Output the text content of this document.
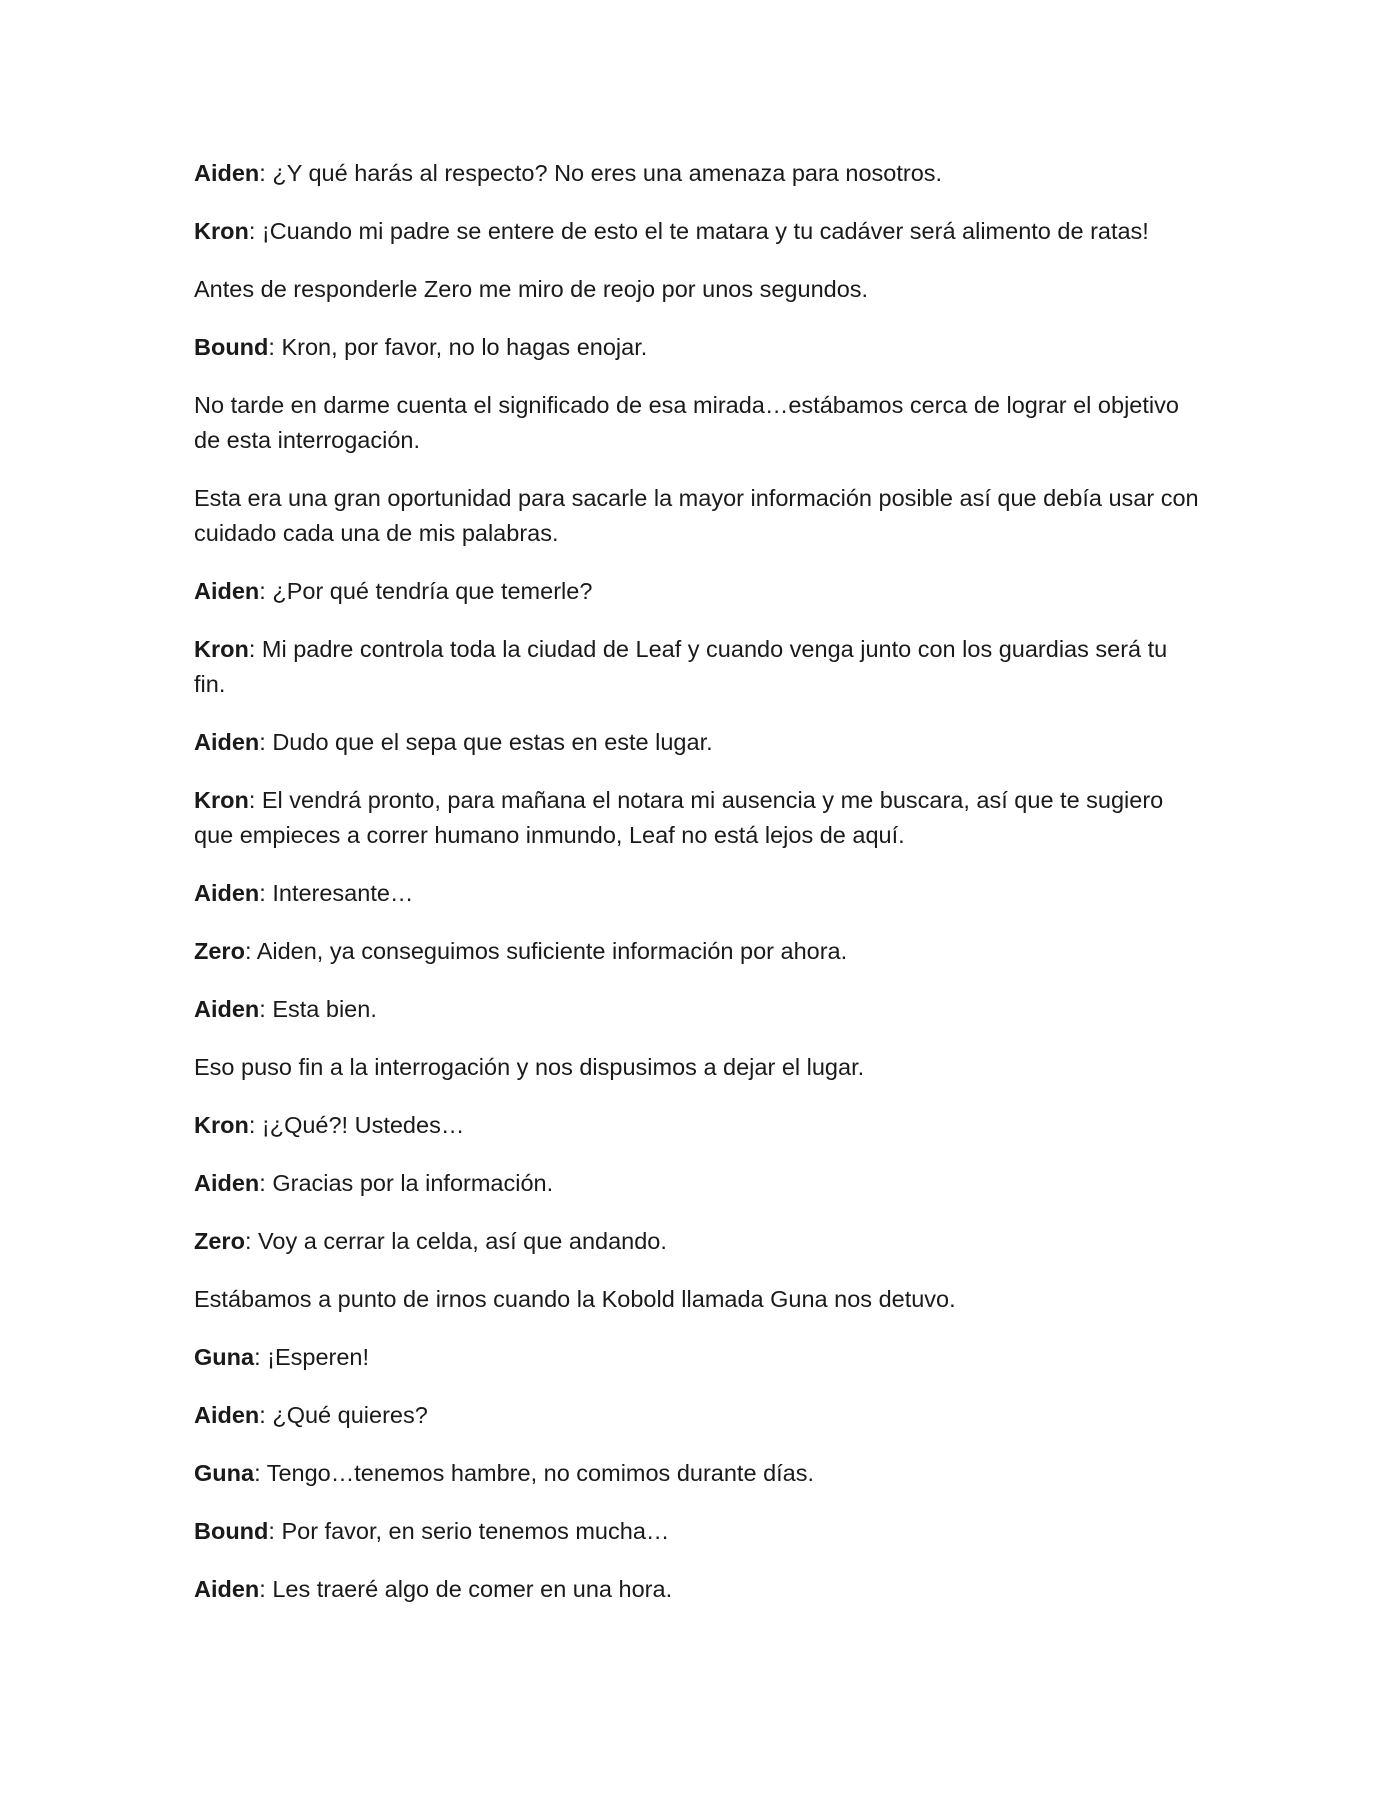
Aiden: ¿Y qué harás al respecto? No eres una amenaza para nosotros.

Kron: ¡Cuando mi padre se entere de esto el te matara y tu cadáver será alimento de ratas!

Antes de responderle Zero me miro de reojo por unos segundos.

Bound: Kron, por favor, no lo hagas enojar.

No tarde en darme cuenta el significado de esa mirada…estábamos cerca de lograr el objetivo de esta interrogación.

Esta era una gran oportunidad para sacarle la mayor información posible así que debía usar con cuidado cada una de mis palabras.

Aiden: ¿Por qué tendría que temerle?

Kron: Mi padre controla toda la ciudad de Leaf y cuando venga junto con los guardias será tu fin.

Aiden: Dudo que el sepa que estas en este lugar.

Kron: El vendrá pronto, para mañana el notara mi ausencia y me buscara, así que te sugiero que empieces a correr humano inmundo, Leaf no está lejos de aquí.

Aiden: Interesante…

Zero: Aiden, ya conseguimos suficiente información por ahora.

Aiden: Esta bien.

Eso puso fin a la interrogación y nos dispusimos a dejar el lugar.

Kron: ¡¿Qué?! Ustedes…

Aiden: Gracias por la información.

Zero: Voy a cerrar la celda, así que andando.

Estábamos a punto de irnos cuando la Kobold llamada Guna nos detuvo.

Guna: ¡Esperen!

Aiden: ¿Qué quieres?

Guna: Tengo…tenemos hambre, no comimos durante días.

Bound: Por favor, en serio tenemos mucha…

Aiden: Les traeré algo de comer en una hora.
